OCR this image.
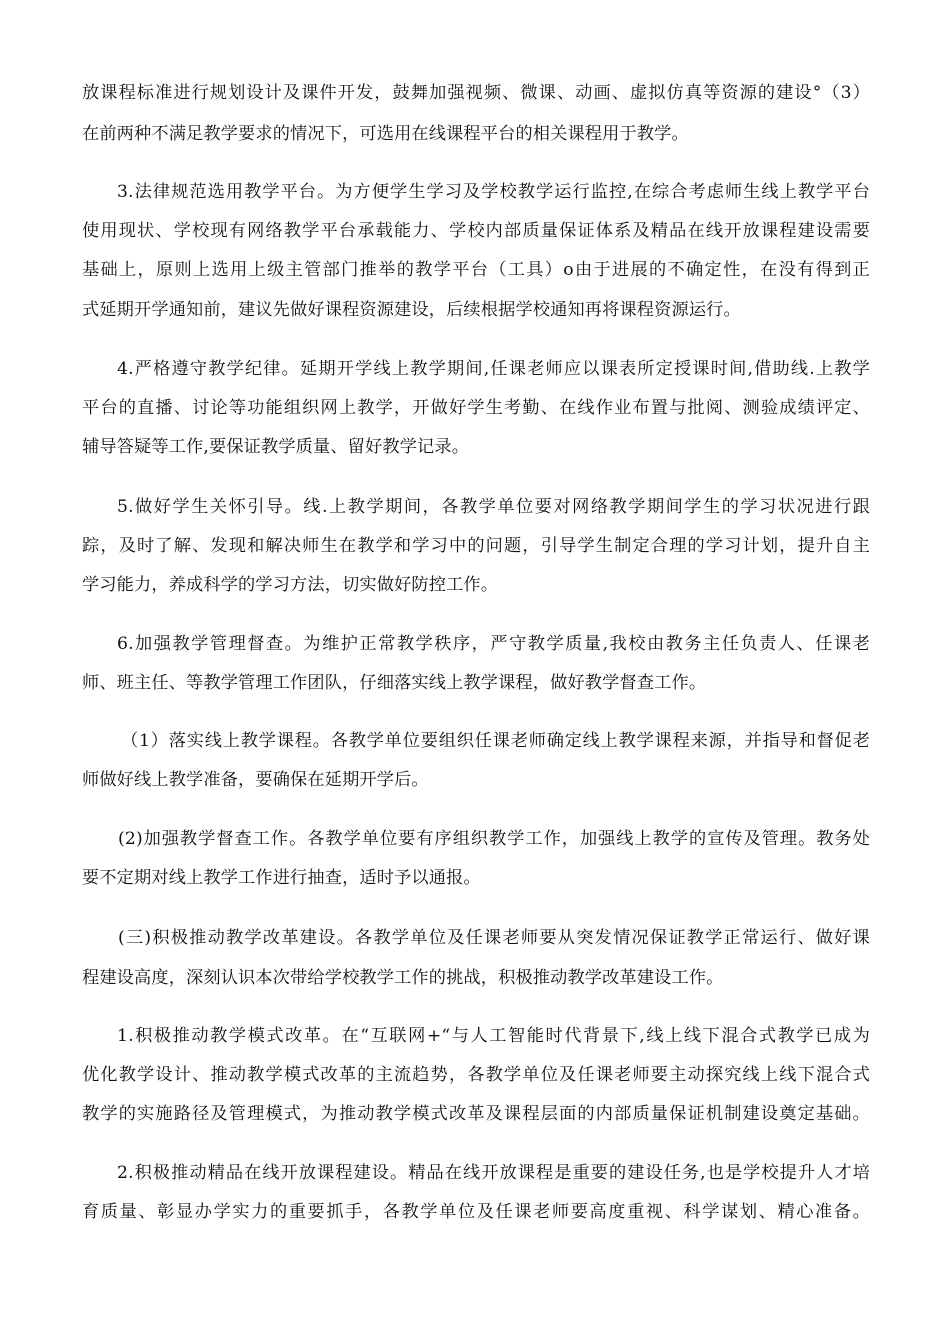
放课程标准进行规划设计及课件开发，鼓舞加强视频、微课、动画、虚拟仿真等资源的建设°（3）
在前两种不满足教学要求的情况下，可选用在线课程平台的相关课程用于教学。
3.法律规范选用教学平台。为方便学生学习及学校教学运行监控,在综合考虑师生线上教学平台
使用现状、学校现有网络教学平台承载能力、学校内部质量保证体系及精品在线开放课程建设需要
基础上，原则上选用上级主管部门推举的教学平台（工具）o由于进展的不确定性，在没有得到正
式延期开学通知前，建议先做好课程资源建设，后续根据学校通知再将课程资源运行。
4.严格遵守教学纪律。延期开学线上教学期间,任课老师应以课表所定授课时间,借助线.上教学
平台的直播、讨论等功能组织网上教学，开做好学生考勤、在线作业布置与批阅、测验成绩评定、
辅导答疑等工作,要保证教学质量、留好教学记录。
5.做好学生关怀引导。线.上教学期间，各教学单位要对网络教学期间学生的学习状况进行跟
踪，及时了解、发现和解决师生在教学和学习中的问题，引导学生制定合理的学习计划，提升自主
学习能力，养成科学的学习方法，切实做好防控工作。
6.加强教学管理督查。为维护正常教学秩序，严守教学质量,我校由教务主任负责人、任课老
师、班主任、等教学管理工作团队，仔细落实线上教学课程，做好教学督查工作。
（1）落实线上教学课程。各教学单位要组织任课老师确定线上教学课程来源，并指导和督促老
师做好线上教学准备，要确保在延期开学后。
(2)加强教学督查工作。各教学单位要有序组织教学工作，加强线上教学的宣传及管理。教务处
要不定期对线上教学工作进行抽查，适时予以通报。
(三)积极推动教学改革建设。各教学单位及任课老师要从突发情况保证教学正常运行、做好课
程建设高度，深刻认识本次带给学校教学工作的挑战，积极推动教学改革建设工作。
1.积极推动教学模式改革。在“互联网+“与人工智能时代背景下,线上线下混合式教学已成为
优化教学设计、推动教学模式改革的主流趋势，各教学单位及任课老师要主动探究线上线下混合式
教学的实施路径及管理模式，为推动教学模式改革及课程层面的内部质量保证机制建设奠定基础。
2.积极推动精品在线开放课程建设。精品在线开放课程是重要的建设任务,也是学校提升人才培
育质量、彰显办学实力的重要抓手，各教学单位及任课老师要高度重视、科学谋划、精心准备。
